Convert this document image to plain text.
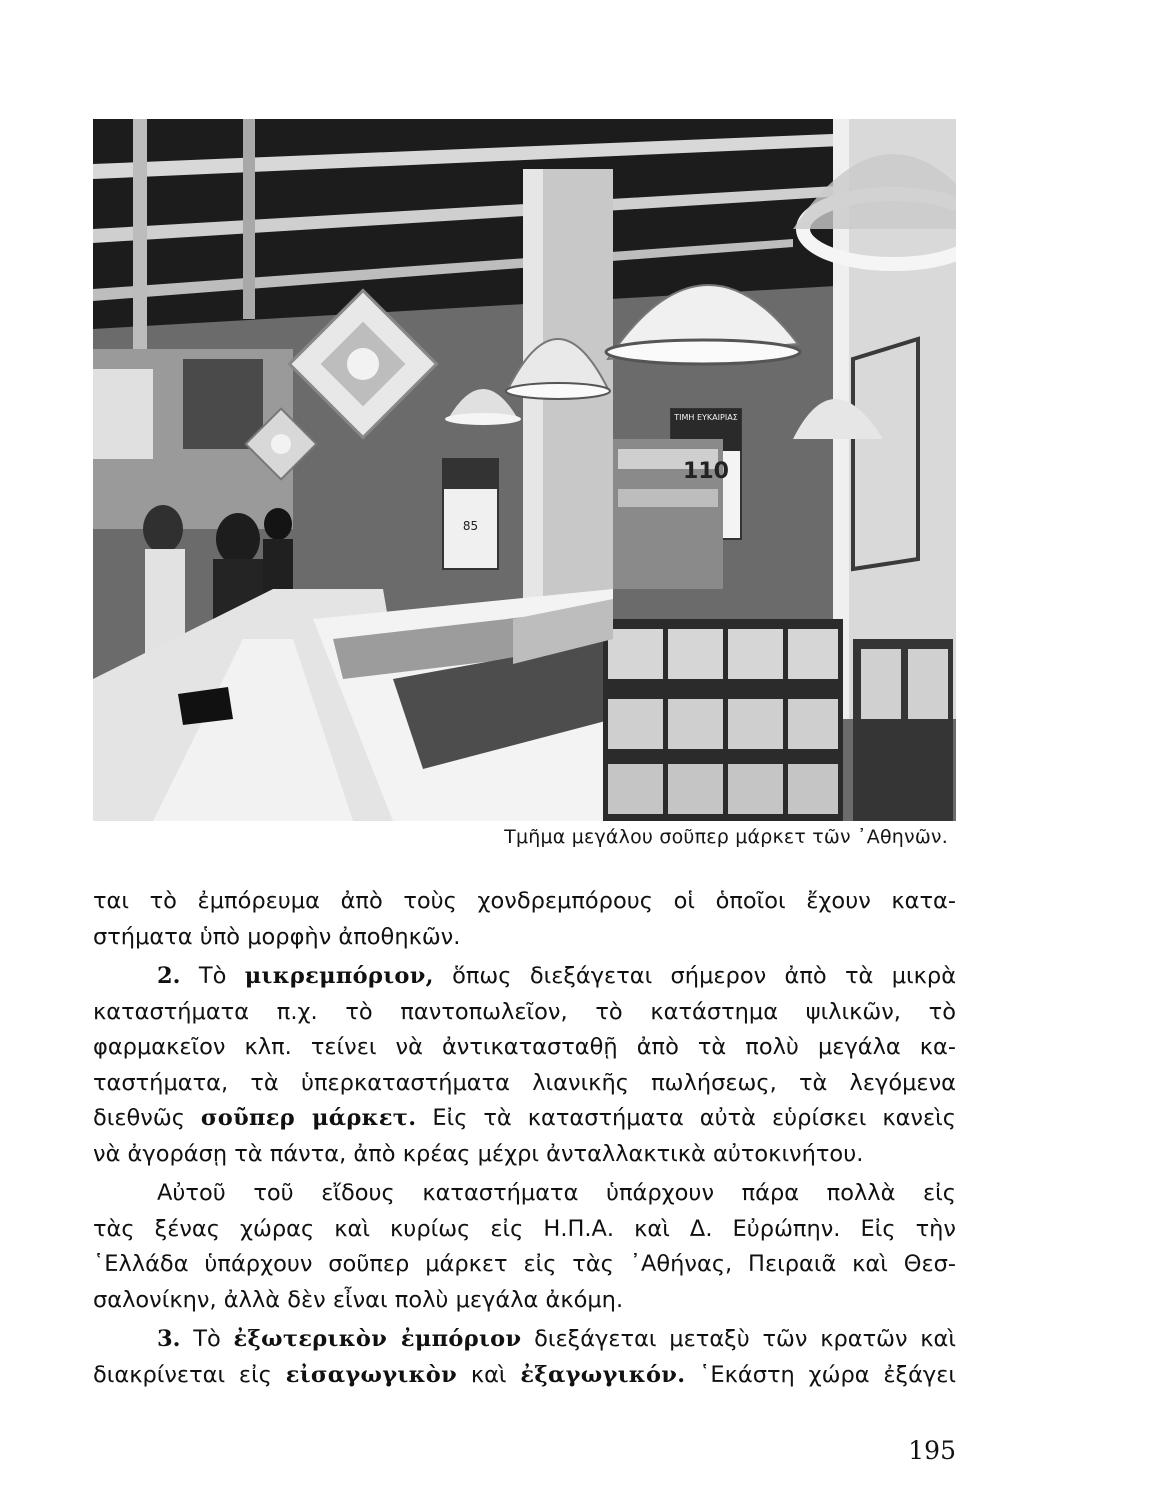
ΤΙΜΗ ΕΥΚΑΙΡΙΑΣ
110
85
Τμῆμα μεγάλου σοῦπερ μάρκετ τῶν ᾿Αθηνῶν.

ται τὸ ἐμπόρευμα ἀπὸ τοὺς χονδρεμπόρους οἱ ὁποῖοι ἔχουν κατα-
στήματα ὑπὸ μορφὴν ἀποθηκῶν.

2. Τὸ μικρεμπόριον, ὅπως διεξάγεται σήμερον ἀπὸ τὰ μικρὰ
καταστήματα π.χ. τὸ παντοπωλεῖον, τὸ κατάστημα ψιλικῶν, τὸ
φαρμακεῖον κλπ. τείνει νὰ ἀντικατασταθῇ ἀπὸ τὰ πολὺ μεγάλα κα-
ταστήματα, τὰ ὑπερκαταστήματα λιανικῆς πωλήσεως, τὰ λεγόμενα
διεθνῶς σοῦπερ μάρκετ. Εἰς τὰ καταστήματα αὐτὰ εὑρίσκει κανεὶς
νὰ ἀγοράσῃ τὰ πάντα, ἀπὸ κρέας μέχρι ἀνταλλακτικὰ αὐτοκινήτου.

Αὐτοῦ τοῦ εἴδους καταστήματα ὑπάρχουν πάρα πολλὰ εἰς
τὰς ξένας χώρας καὶ κυρίως εἰς Η.Π.Α. καὶ Δ. Εὐρώπην. Εἰς τὴν
῾Ελλάδα ὑπάρχουν σοῦπερ μάρκετ εἰς τὰς ᾿Αθήνας, Πειραιᾶ καὶ Θεσ-
σαλονίκην, ἀλλὰ δὲν εἶναι πολὺ μεγάλα ἀκόμη.

3. Τὸ ἐξωτερικὸν ἐμπόριον διεξάγεται μεταξὺ τῶν κρατῶν καὶ
διακρίνεται εἰς εἰσαγωγικὸν καὶ ἐξαγωγικόν. ῾Εκάστη χώρα ἐξάγει

195
